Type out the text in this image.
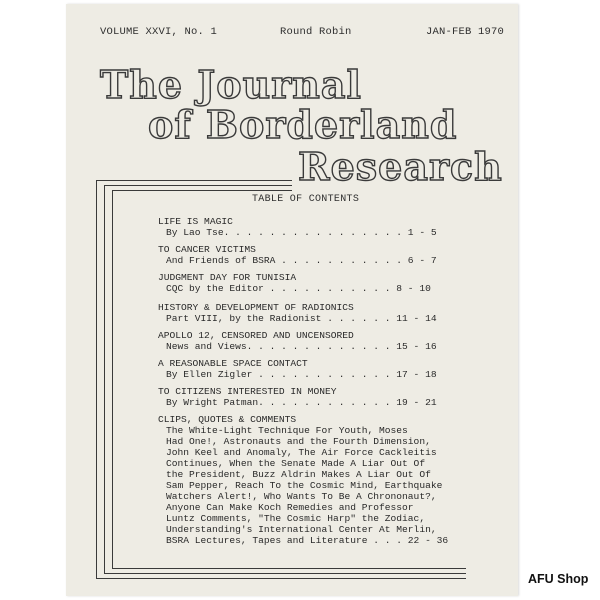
VOLUME XXVI, No. 1	Round Robin	JAN-FEB 1970
The Journal
of Borderland
Research
TABLE OF CONTENTS
LIFE IS MAGIC
By Lao Tse. . . . . . . . . . . . . . . . 1 - 5
TO CANCER VICTIMS
And Friends of BSRA . . . . . . . . . . . 6 - 7
JUDGMENT DAY FOR TUNISIA
CQC by the Editor . . . . . . . . . . . 8 - 10
HISTORY & DEVELOPMENT OF RADIONICS
Part VIII, by the Radionist . . . . . . 11 - 14
APOLLO 12, CENSORED AND UNCENSORED
News and Views. . . . . . . . . . . . . 15 - 16
A REASONABLE SPACE CONTACT
By Ellen Zigler . . . . . . . . . . . . 17 - 18
TO CITIZENS INTERESTED IN MONEY
By Wright Patman. . . . . . . . . . . . 19 - 21
CLIPS, QUOTES & COMMENTS
The White-Light Technique For Youth, Moses
Had One!, Astronauts and the Fourth Dimension,
John Keel and Anomaly, The Air Force Cackleitis
Continues, When the Senate Made A Liar Out Of
the President, Buzz Aldrin Makes A Liar Out Of
Sam Pepper, Reach To the Cosmic Mind, Earthquake
Watchers Alert!, Who Wants To Be A Chrononaut?,
Anyone Can Make Koch Remedies and Professor
Luntz Comments, "The Cosmic Harp" the Zodiac,
Understanding's International Center At Merlin,
BSRA Lectures, Tapes and Literature . . . 22 - 36
AFU Shop
